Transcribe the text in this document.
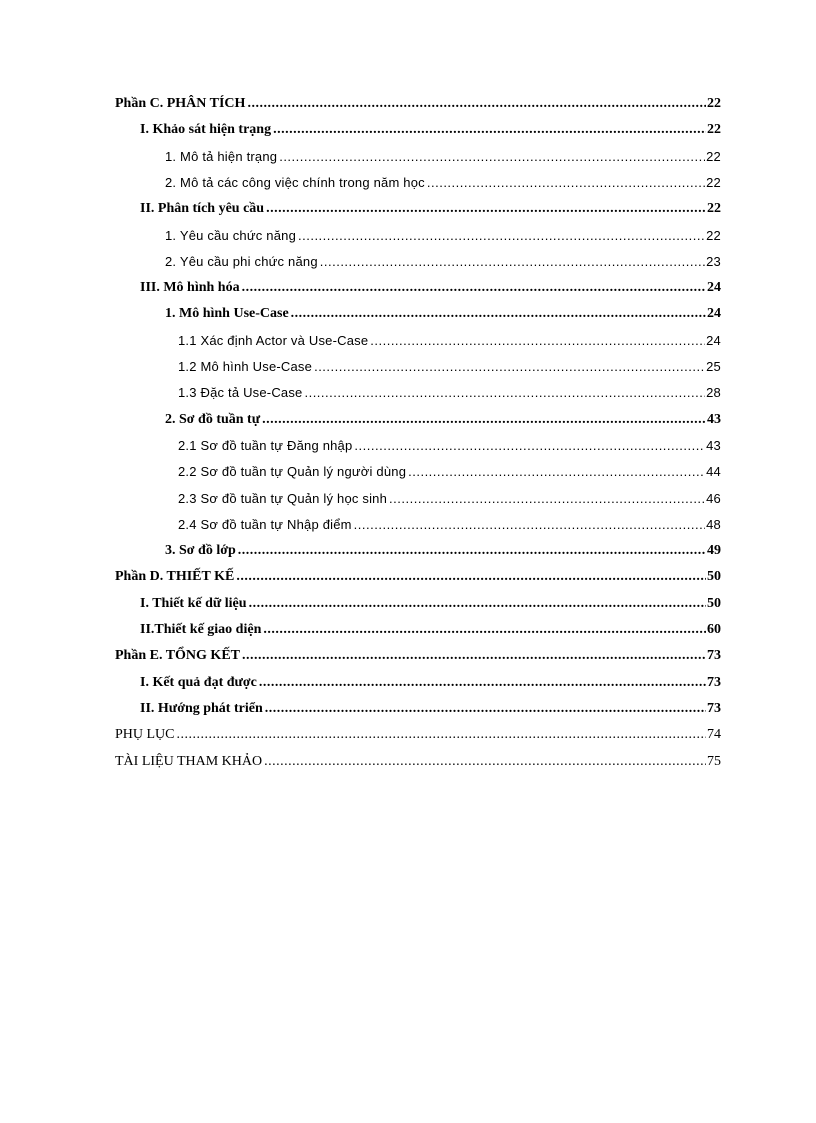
Phần C. PHÂN TÍCH .....	22
I. Khảo sát hiện trạng .....	22
1. Mô tả hiện trạng .....	22
2. Mô tả các công việc chính trong năm học .....	22
II. Phân tích yêu cầu .....	22
1. Yêu cầu chức năng .....	22
2. Yêu cầu phi chức năng .....	23
III. Mô hình hóa .....	24
1. Mô hình Use-Case .....	24
1.1 Xác định Actor và Use-Case .....	24
1.2 Mô hình Use-Case .....	25
1.3 Đặc tả Use-Case .....	28
2. Sơ đồ tuần tự .....	43
2.1 Sơ đồ tuần tự Đăng nhập .....	43
2.2 Sơ đồ tuần tự Quản lý người dùng .....	44
2.3 Sơ đồ tuần tự Quản lý học sinh .....	46
2.4 Sơ đồ tuần tự Nhập điểm .....	48
3. Sơ đồ lớp .....	49
Phần D. THIẾT KẾ .....	50
I. Thiết kế dữ liệu .....	50
II.Thiết kế giao diện .....	60
Phần E. TỔNG KẾT .....	73
I. Kết quả đạt được .....	73
II. Hướng phát triển .....	73
PHỤ LỤC .....	74
TÀI LIỆU THAM KHẢO .....	75
